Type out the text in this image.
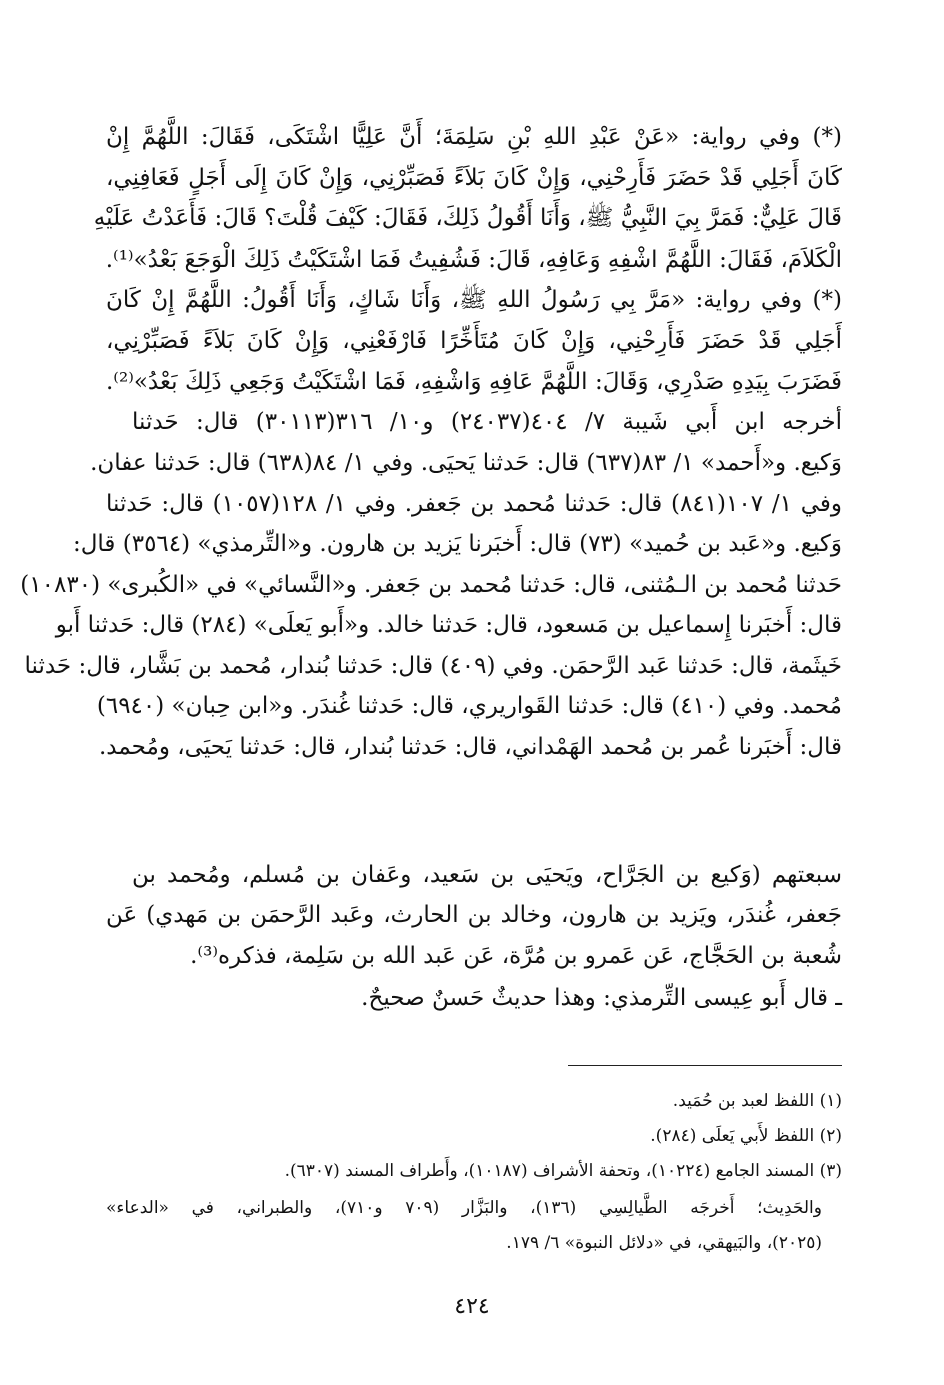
(*) وفي رواية: «عَنْ عَبْدِ اللهِ بْنِ سَلِمَةَ؛ أَنَّ عَلِيًّا اشْتَكَى، فَقَالَ: اللَّهُمَّ إِنْ
كَانَ أَجَلِي قَدْ حَضَرَ فَأَرِحْنِي، وَإِنْ كَانَ بَلاَءً فَصَبِّرْنِي، وَإِنْ كَانَ إِلَى أَجَلٍ فَعَافِنِي،
قَالَ عَلِيٌّ: فَمَرَّ بِيَ النَّبِيُّ ﷺ، وَأَنَا أَقُولُ ذَلِكَ، فَقَالَ: كَيْفَ قُلْتَ؟ قَالَ: فَأَعَدْتُ عَلَيْهِ
الْكَلاَمَ، فَقَالَ: اللَّهُمَّ اشْفِهِ وَعَافِهِ، قَالَ: فَشُفِيتُ فَمَا اشْتَكَيْتُ ذَلِكَ الْوَجَعَ بَعْدُ»⁽¹⁾.
(*) وفي رواية: «مَرَّ بِي رَسُولُ اللهِ ﷺ، وَأَنَا شَاكٍ، وَأَنَا أَقُولُ: اللَّهُمَّ إِنْ كَانَ
أَجَلِي قَدْ حَضَرَ فَأَرِحْنِي، وَإِنْ كَانَ مُتَأَخِّرًا فَارْفَعْنِي، وَإِنْ كَانَ بَلاَءً فَصَبِّرْنِي،
فَضَرَبَ بِيَدِهِ صَدْرِي، وَقَالَ: اللَّهُمَّ عَافِهِ وَاشْفِهِ، فَمَا اشْتَكَيْتُ وَجَعِي ذَلِكَ بَعْدُ»⁽²⁾.
أخرجه ابن أَبي شَيبة ٧/ ٤٠٤(٢٤٠٣٧) و١٠/ ٣١٦(٣٠١١٣) قال: حَدثنا
وَكيع. و«أَحمد» ١/ ٨٣(٦٣٧) قال: حَدثنا يَحيَى. وفي ١/ ٨٤(٦٣٨) قال: حَدثنا عفان.
وفي ١/ ١٠٧(٨٤١) قال: حَدثنا مُحمد بن جَعفر. وفي ١/ ١٢٨(١٠٥٧) قال: حَدثنا
وَكيع. و«عَبد بن حُميد» (٧٣) قال: أَخبَرنا يَزيد بن هارون. و«التِّرمذي» (٣٥٦٤) قال:
حَدثنا مُحمد بن الـمُثنى، قال: حَدثنا مُحمد بن جَعفر. و«النَّسائي» في «الكُبرى» (١٠٨٣٠)
قال: أَخبَرنا إِسماعيل بن مَسعود، قال: حَدثنا خالد. و«أَبو يَعلَى» (٢٨٤) قال: حَدثنا أَبو
خَيثَمة، قال: حَدثنا عَبد الرَّحمَن. وفي (٤٠٩) قال: حَدثنا بُندار، مُحمد بن بَشَّار، قال: حَدثنا
مُحمد. وفي (٤١٠) قال: حَدثنا القَواريري، قال: حَدثنا غُندَر. و«ابن حِبان» (٦٩٤٠)
قال: أَخبَرنا عُمر بن مُحمد الهَمْداني، قال: حَدثنا بُندار، قال: حَدثنا يَحيَى، ومُحمد.
سبعتهم (وَكيع بن الجَرَّاح، ويَحيَى بن سَعيد، وعَفان بن مُسلم، ومُحمد بن
جَعفر، غُندَر، ويَزيد بن هارون، وخالد بن الحارث، وعَبد الرَّحمَن بن مَهدي) عَن
شُعبة بن الحَجَّاج، عَن عَمرو بن مُرَّة، عَن عَبد الله بن سَلِمة، فذكره⁽³⁾.
ـ قال أَبو عِيسى التِّرمذي: وهذا حديثٌ حَسنٌ صحيحٌ.
(١) اللفظ لعبد بن حُمَيد.
(٢) اللفظ لأَبي يَعلَى (٢٨٤).
(٣) المسند الجامع (١٠٢٢٤)، وتحفة الأشراف (١٠١٨٧)، وأَطراف المسند (٦٣٠٧).
والحَدِيث؛ أَخرجَه الطَّيالِسِي (١٣٦)، والبَزَّار (٧٠٩ و٧١٠)، والطبراني، في «الدعاء»
(٢٠٢٥)، والبَيهقي، في «دلائل النبوة» ٦/ ١٧٩.
٤٢٤
